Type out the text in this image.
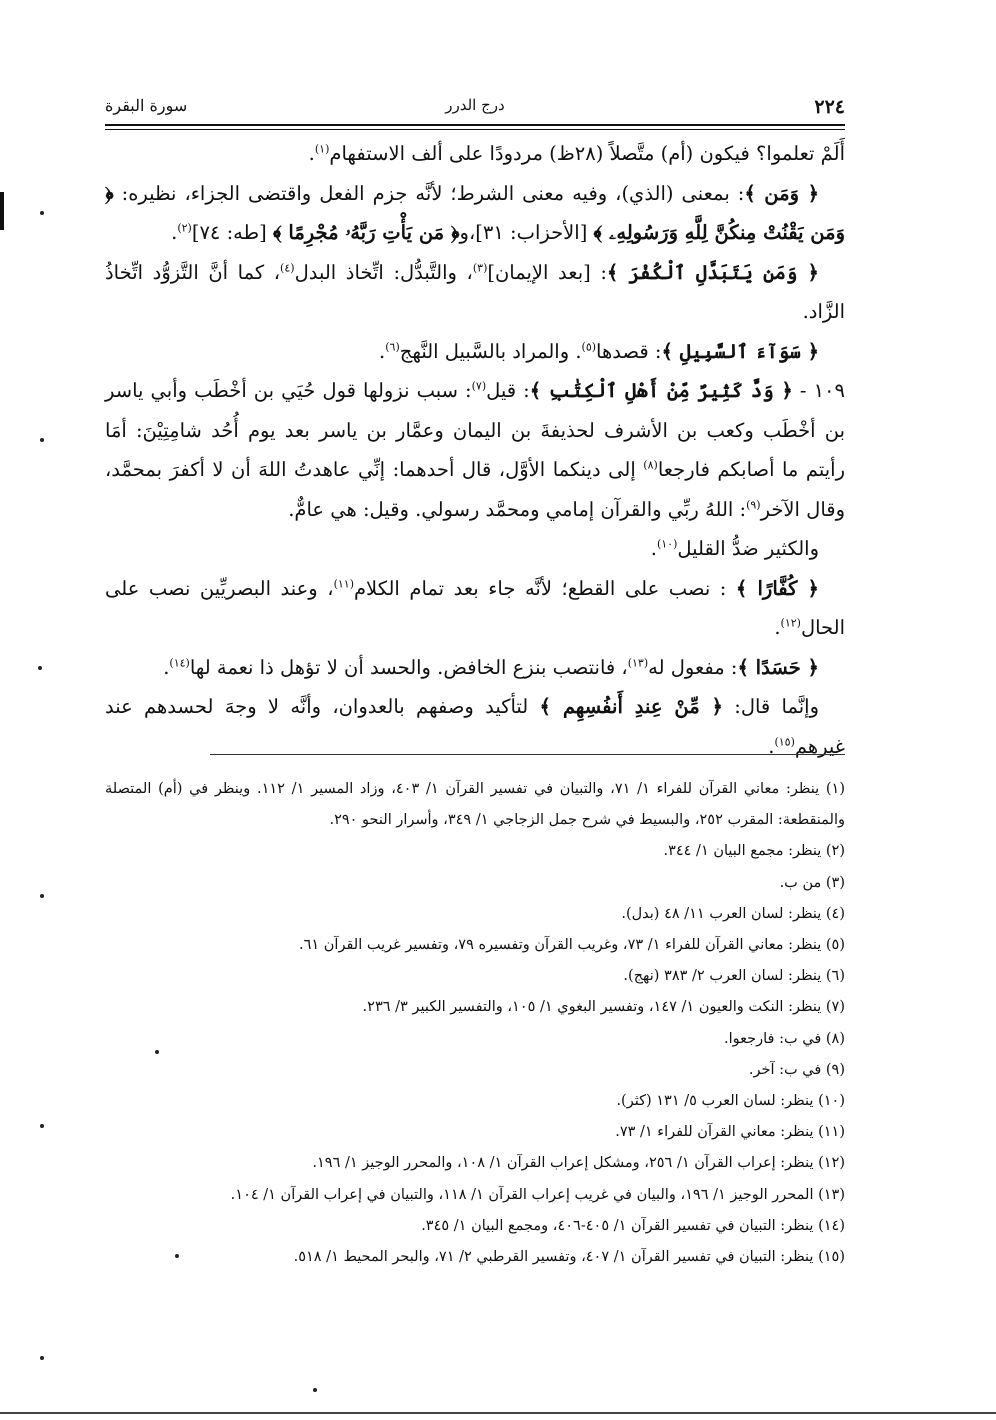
٢٢٤
درج الدرر
سورة البقرة

أَلَمْ تعلموا؟ فيكون (أم) متَّصلاً (٢٨ظ) مردودًا على ألف الاستفهام$^{(١)}$.

﴿ وَمَن ﴾: بمعنى (الذي)، وفيه معنى الشرط؛ لأنَّه جزم الفعل واقتضى الجزاء، نظيره: ﴿ وَمَن يَقْنُتْ مِنكُنَّ لِلَّهِ وَرَسُولِهِۦ ﴾ [الأحزاب: ٣١]،و﴿ مَن يَأْتِ رَبَّهُۥ مُجْرِمًا ﴾ [طه: ٧٤]$^{(٢)}$.

﴿ وَمَن يَتَبَدَّلِ ٱلْكُفْرَ ﴾: [بعد الإيمان]$^{(٣)}$، والتَّبدُّل: اتِّخاذ البدل$^{(٤)}$، كما أنَّ التَّزوُّد اتِّخاذُ الزَّاد.

﴿ سَوَآءَ ٱلسَّبِيلِ ﴾: قصدها$^{(٥)}$. والمراد بالسَّبيل النَّهج$^{(٦)}$.

١٠٩ - ﴿ وَدَّ كَثِيرٌ مِّنْ أَهْلِ ٱلْكِتَٰبِ ﴾: قيل$^{(٧)}$: سبب نزولها قول حُيَي بن أخْطَب وأبي ياسر بن أخْطَب وكعب بن الأشرف لحذيفةَ بن اليمان وعمَّار بن ياسر بعد يوم أُحُد شامِتِيْنَ: أمَا رأيتم ما أصابكم فارجعا$^{(٨)}$ إلى دينكما الأوَّل، قال أحدهما: إنِّي عاهدتُ اللهَ أن لا أكفرَ بمحمَّد، وقال الآخر$^{(٩)}$: اللهُ ربِّي والقرآن إمامي ومحمَّد رسولي. وقيل: هي عامٌّ.

والكثير ضدُّ القليل$^{(١٠)}$.

﴿ كُفَّارًا ﴾ : نصب على القطع؛ لأنَّه جاء بعد تمام الكلام$^{(١١)}$، وعند البصريِّين نصب على الحال$^{(١٢)}$.

﴿ حَسَدًا ﴾: مفعول له$^{(١٣)}$، فانتصب بنزع الخافض. والحسد أن لا تؤهل ذا نعمة لها$^{(١٤)}$.

وإنَّما قال: ﴿ مِّنْ عِندِ أَنفُسِهِم ﴾ لتأكيد وصفهم بالعدوان، وأنَّه لا وجهَ لحسدهم عند غيرهم$^{(١٥)}$.

(١) ينظر: معاني القرآن للفراء ١/ ٧١، والتبيان في تفسير القرآن ١/ ٤٠٣، وزاد المسير ١/ ١١٢. وينظر في (أم) المتصلة والمنقطعة: المقرب ٢٥٢، والبسيط في شرح جمل الزجاجي ١/ ٣٤٩، وأسرار النحو ٢٩٠.

(٢) ينظر: مجمع البيان ١/ ٣٤٤.

(٣) من ب.

(٤) ينظر: لسان العرب ١١/ ٤٨ (بدل).

(٥) ينظر: معاني القرآن للفراء ١/ ٧٣، وغريب القرآن وتفسيره ٧٩، وتفسير غريب القرآن ٦١.

(٦) ينظر: لسان العرب ٢/ ٣٨٣ (نهج).

(٧) ينظر: النكت والعيون ١/ ١٤٧، وتفسير البغوي ١/ ١٠٥، والتفسير الكبير ٣/ ٢٣٦.

(٨) في ب: فارجعوا.

(٩) في ب: آخر.

(١٠) ينظر: لسان العرب ٥/ ١٣١ (كثر).

(١١) ينظر: معاني القرآن للفراء ١/ ٧٣.

(١٢) ينظر: إعراب القرآن ١/ ٢٥٦، ومشكل إعراب القرآن ١/ ١٠٨، والمحرر الوجيز ١/ ١٩٦.

(١٣) المحرر الوجيز ١/ ١٩٦، والبيان في غريب إعراب القرآن ١/ ١١٨، والتبيان في إعراب القرآن ١/ ١٠٤.

(١٤) ينظر: التبيان في تفسير القرآن ١/ ٤٠٥-٤٠٦، ومجمع البيان ١/ ٣٤٥.

(١٥) ينظر: التبيان في تفسير القرآن ١/ ٤٠٧، وتفسير القرطبي ٢/ ٧١، والبحر المحيط ١/ ٥١٨.
